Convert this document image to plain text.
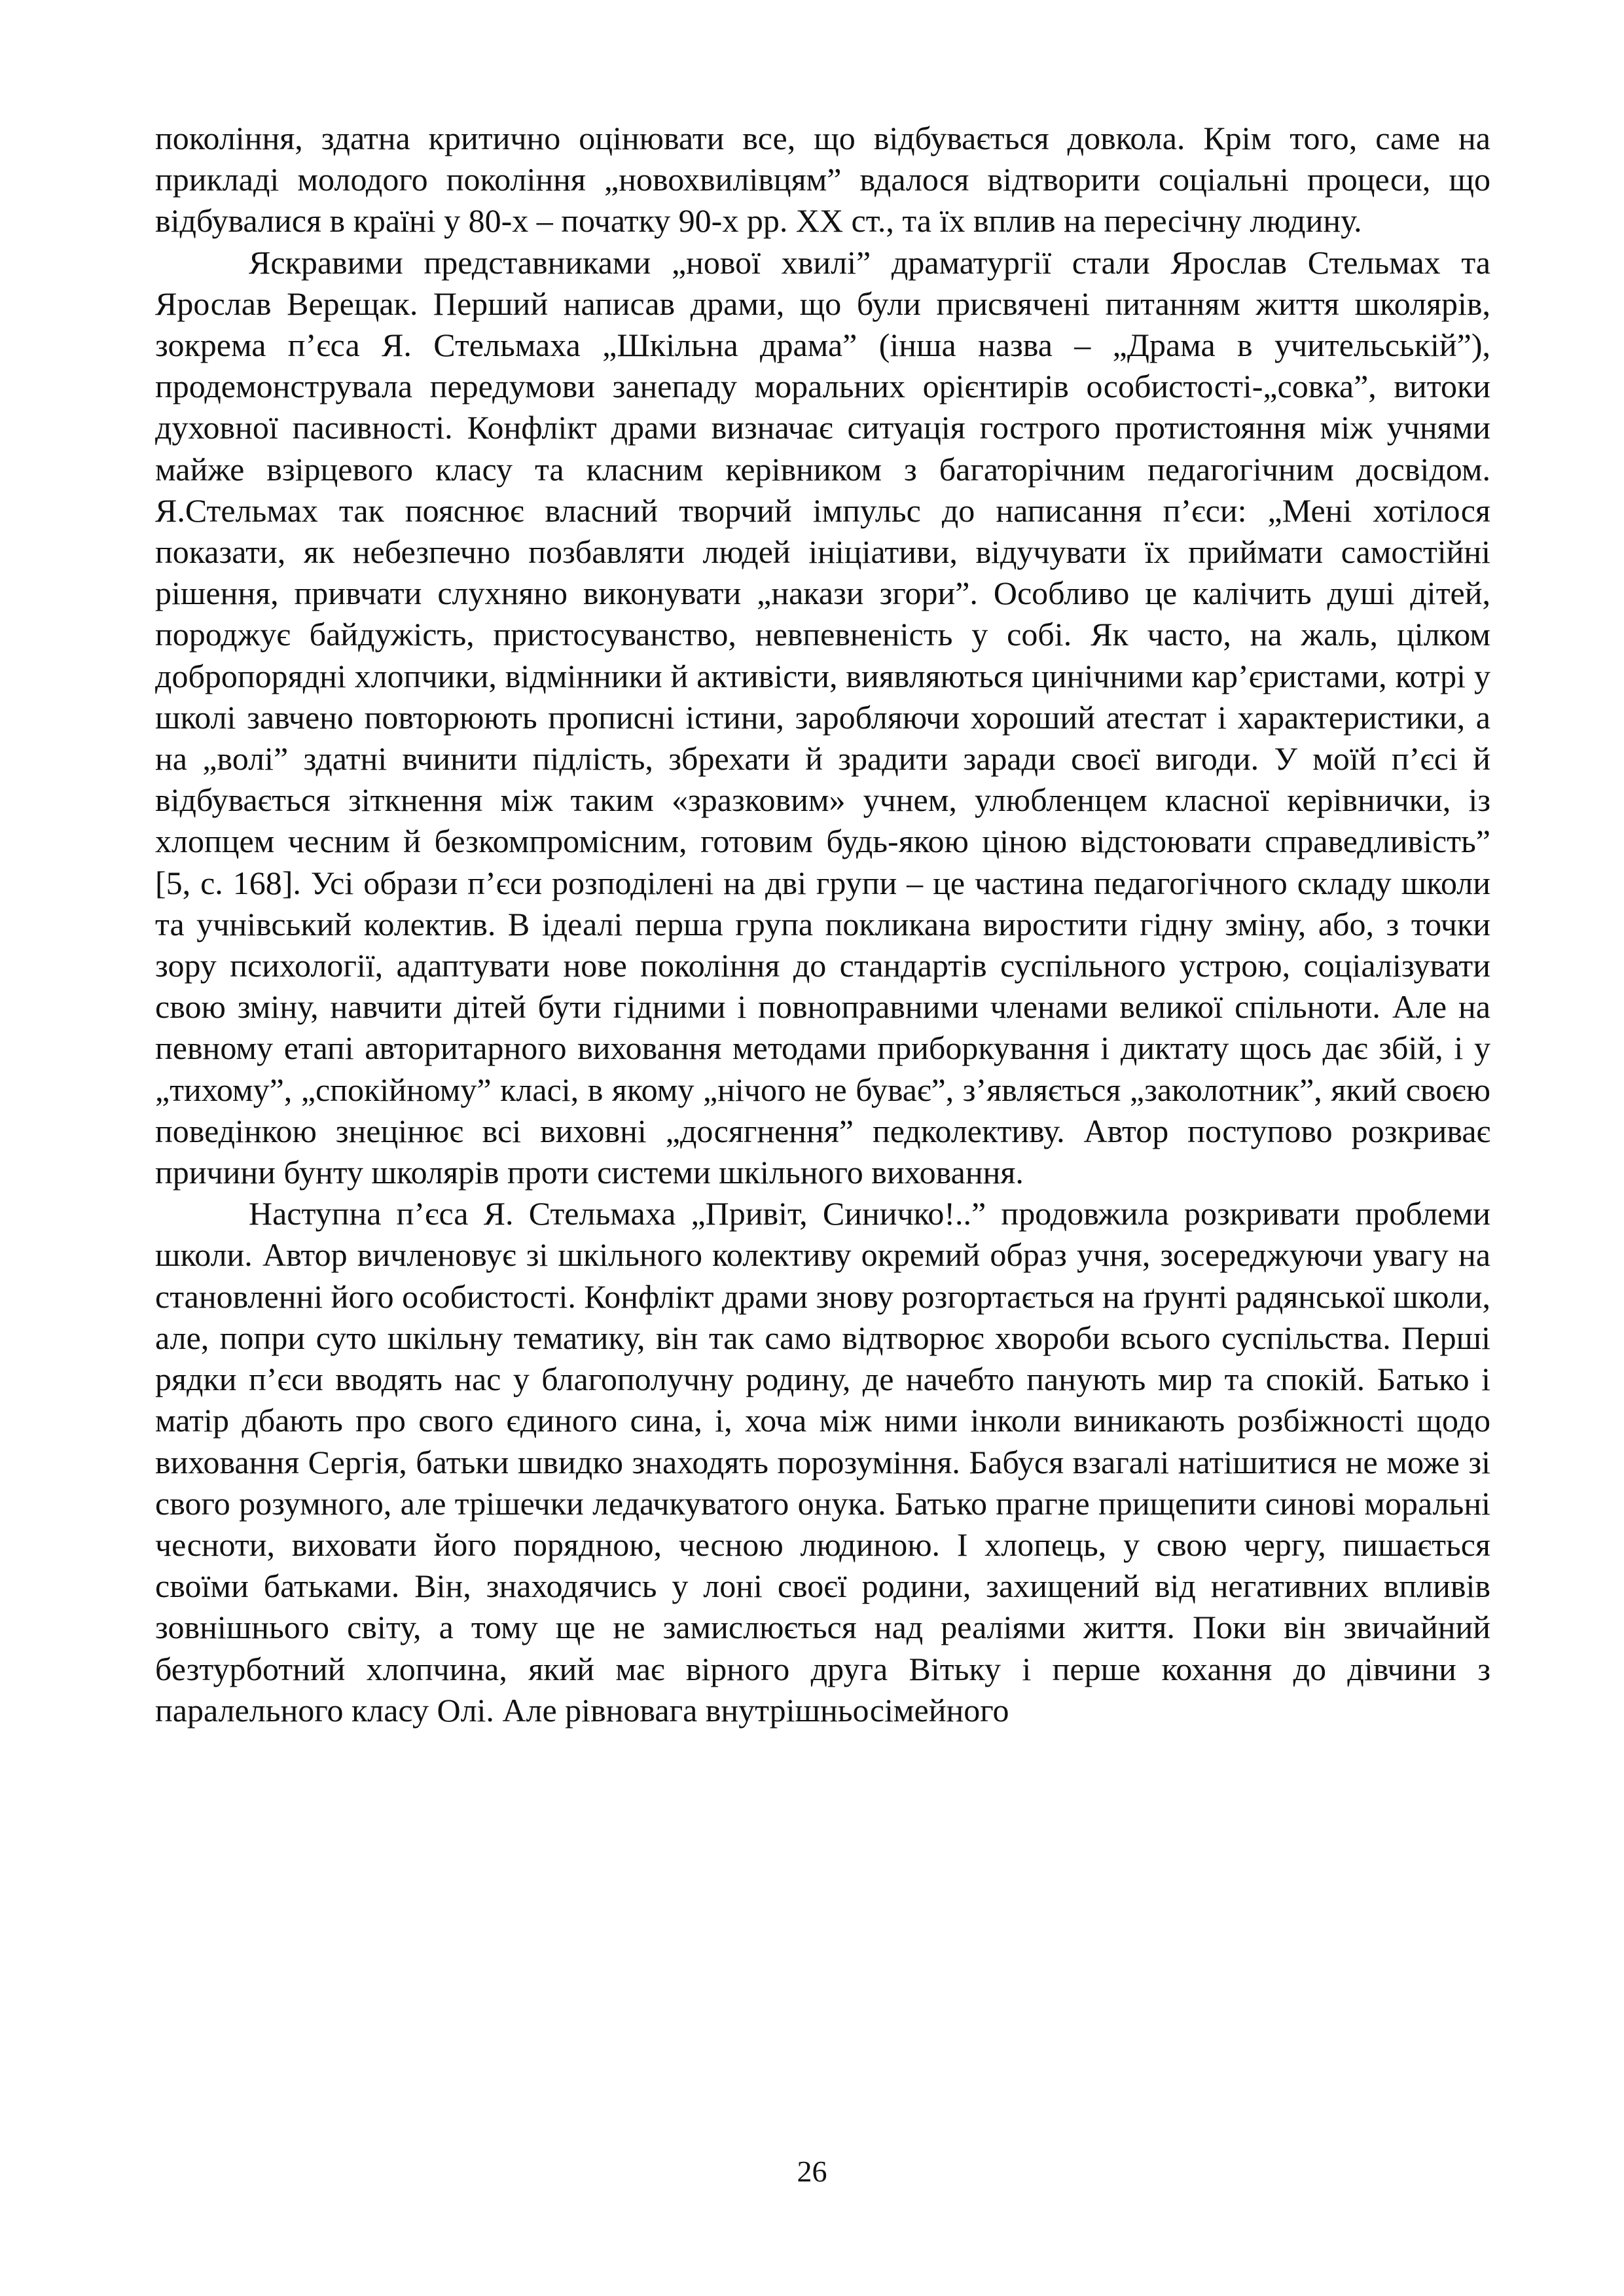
покоління, здатна критично оцінювати все, що відбувається довкола. Крім того, саме на прикладі молодого покоління „новохвилівцям” вдалося відтворити соціальні процеси, що відбувалися в країні у 80-х – початку 90-х рр. XX ст., та їх вплив на пересічну людину.

Яскравими представниками „нової хвилі” драматургії стали Ярослав Стельмах та Ярослав Верещак. Перший написав драми, що були присвячені питанням життя школярів, зокрема п’єса Я. Стельмаха „Шкільна драма” (інша назва – „Драма в учительській”), продемонструвала передумови занепаду моральних орієнтирів особистості-„совка”, витоки духовної пасивності. Конфлікт драми визначає ситуація гострого протистояння між учнями майже взірцевого класу та класним керівником з багаторічним педагогічним досвідом. Я.Стельмах так пояснює власний творчий імпульс до написання п’єси: „Мені хотілося показати, як небезпечно позбавляти людей ініціативи, відучувати їх приймати самостійні рішення, привчати слухняно виконувати „накази згори”. Особливо це калічить душі дітей, породжує байдужість, пристосуванство, невпевненість у собі. Як часто, на жаль, цілком добропорядні хлопчики, відмінники й активісти, виявляються цинічними кар’єристами, котрі у школі завчено повторюють прописні істини, заробляючи хороший атестат і характеристики, а на „волі” здатні вчинити підлість, збрехати й зрадити заради своєї вигоди. У моїй п’єсі й відбувається зіткнення між таким «зразковим» учнем, улюбленцем класної керівнички, із хлопцем чесним й безкомпромісним, готовим будь-якою ціною відстоювати справедливість” [5, с. 168]. Усі образи п’єси розподілені на дві групи – це частина педагогічного складу школи та учнівський колектив. В ідеалі перша група покликана виростити гідну зміну, або, з точки зору психології, адаптувати нове покоління до стандартів суспільного устрою, соціалізувати свою зміну, навчити дітей бути гідними і повноправними членами великої спільноти. Але на певному етапі авторитарного виховання методами приборкування і диктату щось дає збій, і у „тихому”, „спокійному” класі, в якому „нічого не буває”, з’являється „заколотник”, який своєю поведінкою знецінює всі виховні „досягнення” педколективу. Автор поступово розкриває причини бунту школярів проти системи шкільного виховання.

Наступна п’єса Я. Стельмаха „Привіт, Синичко!..” продовжила розкривати проблеми школи. Автор вичленовує зі шкільного колективу окремий образ учня, зосереджуючи увагу на становленні його особистості. Конфлікт драми знову розгортається на ґрунті радянської школи, але, попри суто шкільну тематику, він так само відтворює хвороби всього суспільства. Перші рядки п’єси вводять нас у благополучну родину, де начебто панують мир та спокій. Батько і матір дбають про свого єдиного сина, і, хоча між ними інколи виникають розбіжності щодо виховання Сергія, батьки швидко знаходять порозуміння. Бабуся взагалі натішитися не може зі свого розумного, але трішечки ледачкуватого онука. Батько прагне прищепити синові моральні чесноти, виховати його порядною, чесною людиною. І хлопець, у свою чергу, пишається своїми батьками. Він, знаходячись у лоні своєї родини, захищений від негативних впливів зовнішнього світу, а тому ще не замислюється над реаліями життя. Поки він звичайний безтурботний хлопчина, який має вірного друга Вітьку і перше кохання до дівчини з паралельного класу Олі. Але рівновага внутрішньосімейного

26
